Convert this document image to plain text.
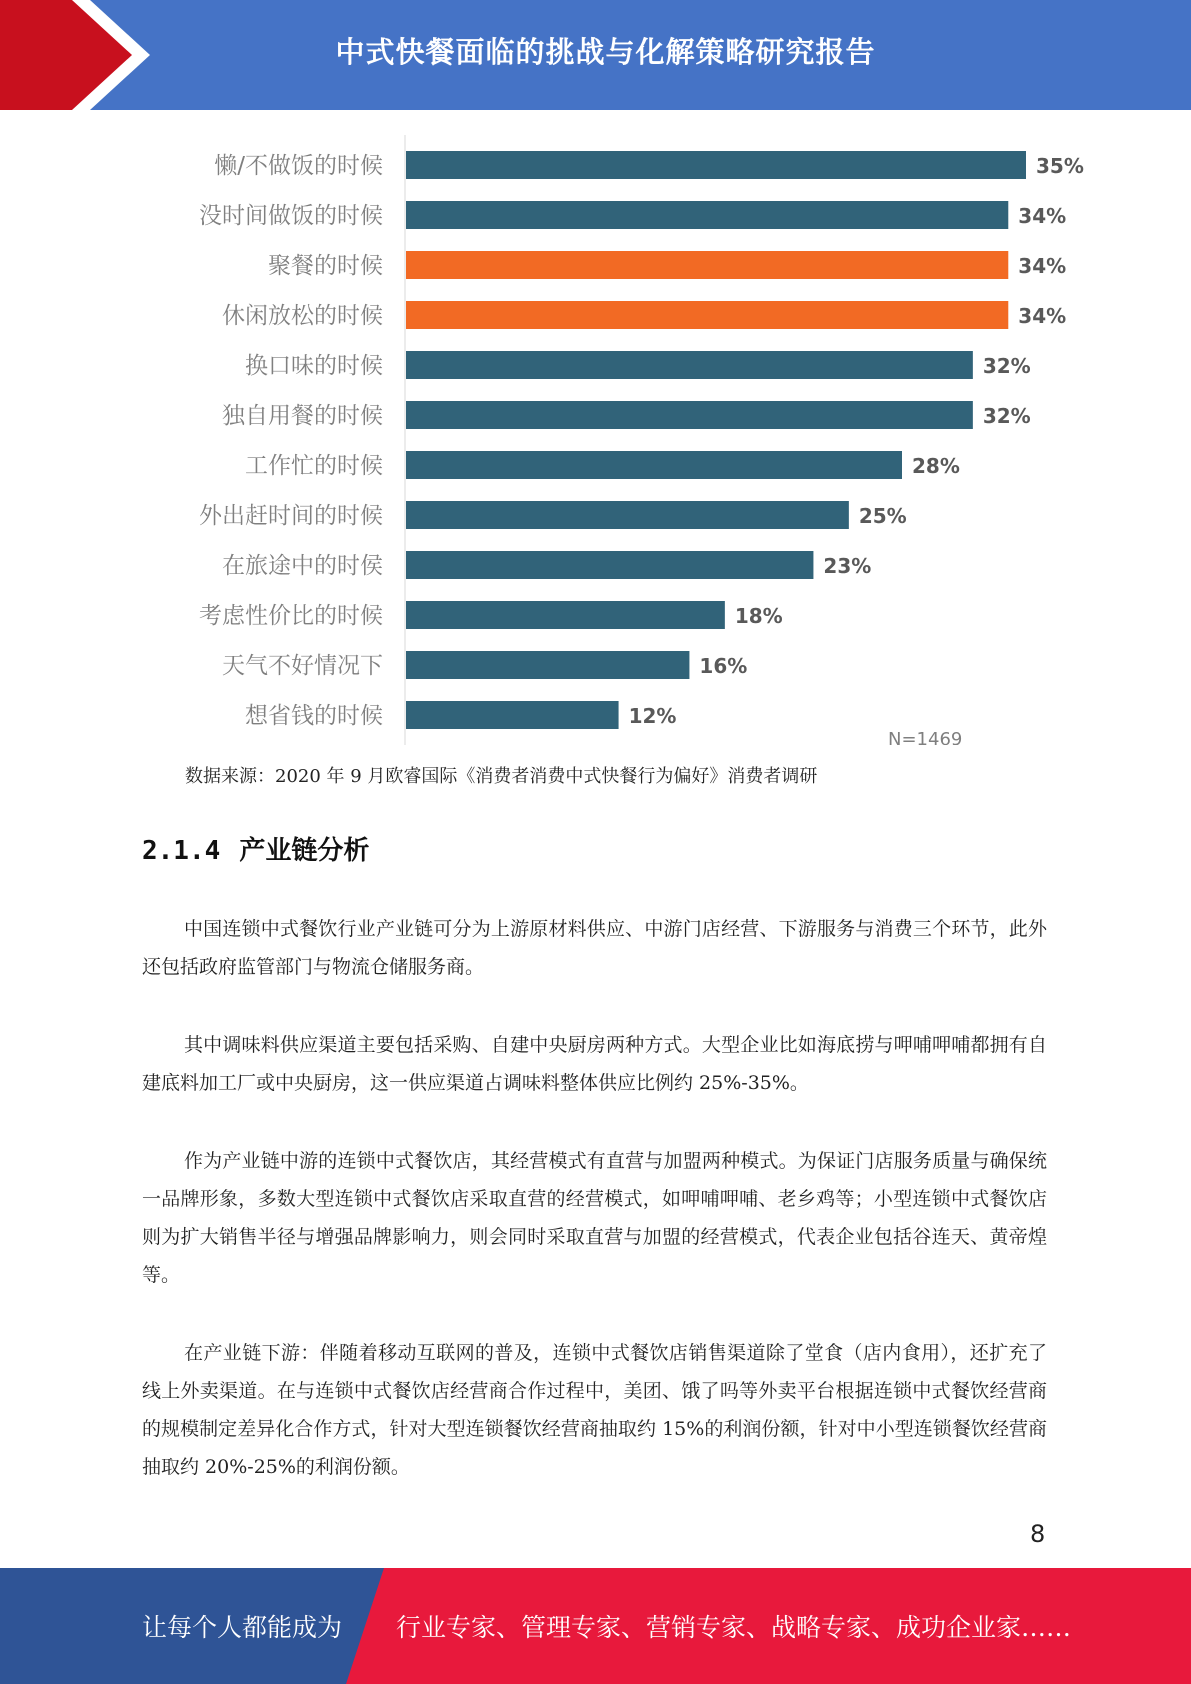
中式快餐面临的挑战与化解策略研究报告
懒/不做饭的时候	35%
没时间做饭的时候	34%
聚餐的时候	34%
休闲放松的时候	34%
换口味的时候	32%
独自用餐的时候	32%
工作忙的时候	28%
外出赶时间的时候	25%
在旅途中的时侯	23%
考虑性价比的时候	18%
天气不好情况下	16%
想省钱的时候	12%
N=1469
数据来源：2020 年 9 月欧睿国际《消费者消费中式快餐行为偏好》消费者调研
2.1.4 产业链分析

中国连锁中式餐饮行业产业链可分为上游原材料供应、中游门店经营、下游服务与消费三个环节，此外还包括政府监管部门与物流仓储服务商。

其中调味料供应渠道主要包括采购、自建中央厨房两种方式。大型企业比如海底捞与呷哺呷哺都拥有自建底料加工厂或中央厨房，这一供应渠道占调味料整体供应比例约 25%-35%。

作为产业链中游的连锁中式餐饮店，其经营模式有直营与加盟两种模式。为保证门店服务质量与确保统一品牌形象，多数大型连锁中式餐饮店采取直营的经营模式，如呷哺呷哺、老乡鸡等；小型连锁中式餐饮店则为扩大销售半径与增强品牌影响力，则会同时采取直营与加盟的经营模式，代表企业包括谷连天、黄帝煌等。

在产业链下游：伴随着移动互联网的普及，连锁中式餐饮店销售渠道除了堂食（店内食用），还扩充了线上外卖渠道。在与连锁中式餐饮店经营商合作过程中，美团、饿了吗等外卖平台根据连锁中式餐饮经营商的规模制定差异化合作方式，针对大型连锁餐饮经营商抽取约 15%的利润份额，针对中小型连锁餐饮经营商抽取约 20%-25%的利润份额。

8
让每个人都能成为 行业专家、管理专家、营销专家、战略专家、成功企业家……
